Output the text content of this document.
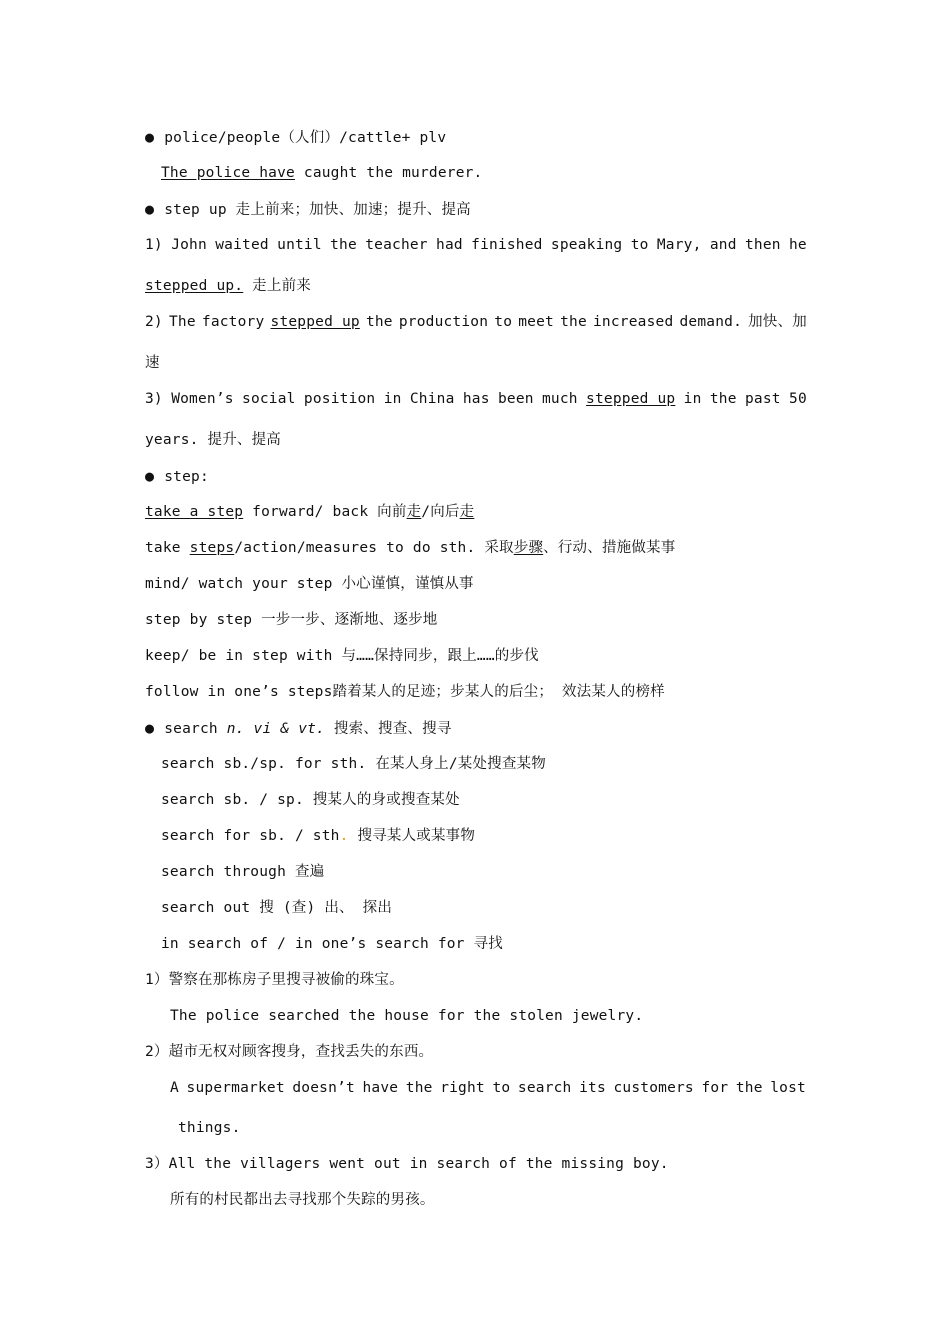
● police/people（人们）/cattle+ plv
The police have caught the murderer.
● step up 走上前来；加快、加速；提升、提高
1) John waited until the teacher had finished speaking to Mary, and then he
stepped up. 走上前来
2) The factory stepped up the production to meet the increased demand. 加快、加
速
3) Women’s social position in China has been much stepped up in the past 50
years. 提升、提高
● step:
take a step forward/ back 向前走/向后走
take steps/action/measures to do sth. 采取步骤、行动、措施做某事
mind/ watch your step 小心谨慎，谨慎从事
step by step 一步一步、逐渐地、逐步地
keep/ be in step with 与……保持同步，跟上……的步伐
follow in one’s steps踏着某人的足迹；步某人的后尘； 效法某人的榜样
● search n. vi & vt. 搜索、搜查、搜寻
search sb./sp. for sth. 在某人身上/某处搜查某物
search sb. / sp. 搜某人的身或搜查某处
search for sb. / sth. 搜寻某人或某事物
search through 查遍
search out 搜 (查) 出、 探出
in search of / in one’s search for 寻找
1）警察在那栋房子里搜寻被偷的珠宝。
The police searched the house for the stolen jewelry.
2）超市无权对顾客搜身，查找丢失的东西。
A supermarket doesn’t have the right to search its customers for the lost
things.
3）All the villagers went out in search of the missing boy.
所有的村民都出去寻找那个失踪的男孩。
